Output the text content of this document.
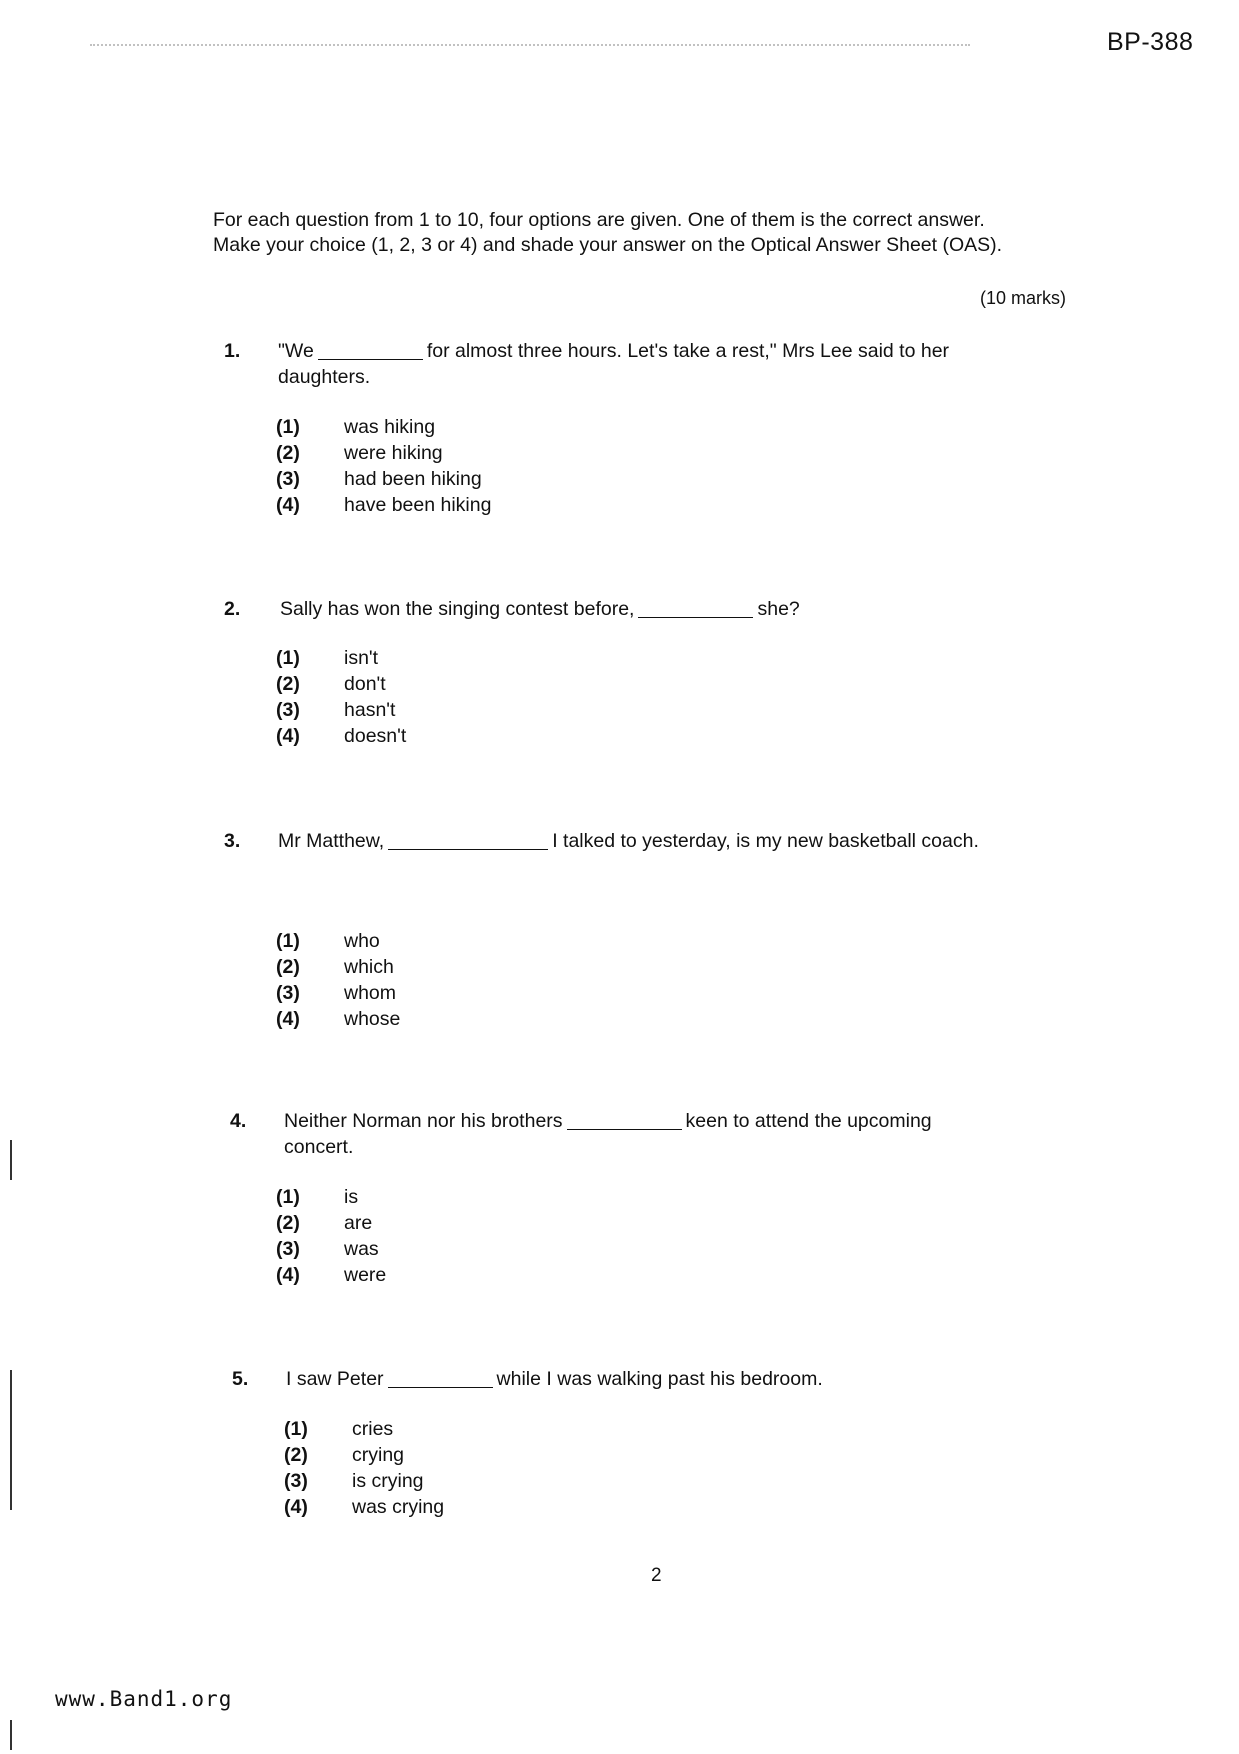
BP-388
For each question from 1 to 10, four options are given. One of them is the correct answer. Make your choice (1, 2, 3 or 4) and shade your answer on the Optical Answer Sheet (OAS).
(10 marks)
1. "We	for almost three hours. Let's take a rest," Mrs Lee said to her daughters.
(1)	was hiking
(2)	were hiking
(3)	had been hiking
(4)	have been hiking
2. Sally has won the singing contest before,	she?
(1)	isn't
(2)	don't
(3)	hasn't
(4)	doesn't
3. Mr Matthew,	I talked to yesterday, is my new basketball coach.
(1)	who
(2)	which
(3)	whom
(4)	whose
4. Neither Norman nor his brothers	keen to attend the upcoming concert.
(1)	is
(2)	are
(3)	was
(4)	were
5. I saw Peter	while I was walking past his bedroom.
(1)	cries
(2)	crying
(3)	is crying
(4)	was crying
2
www.Band1.org
